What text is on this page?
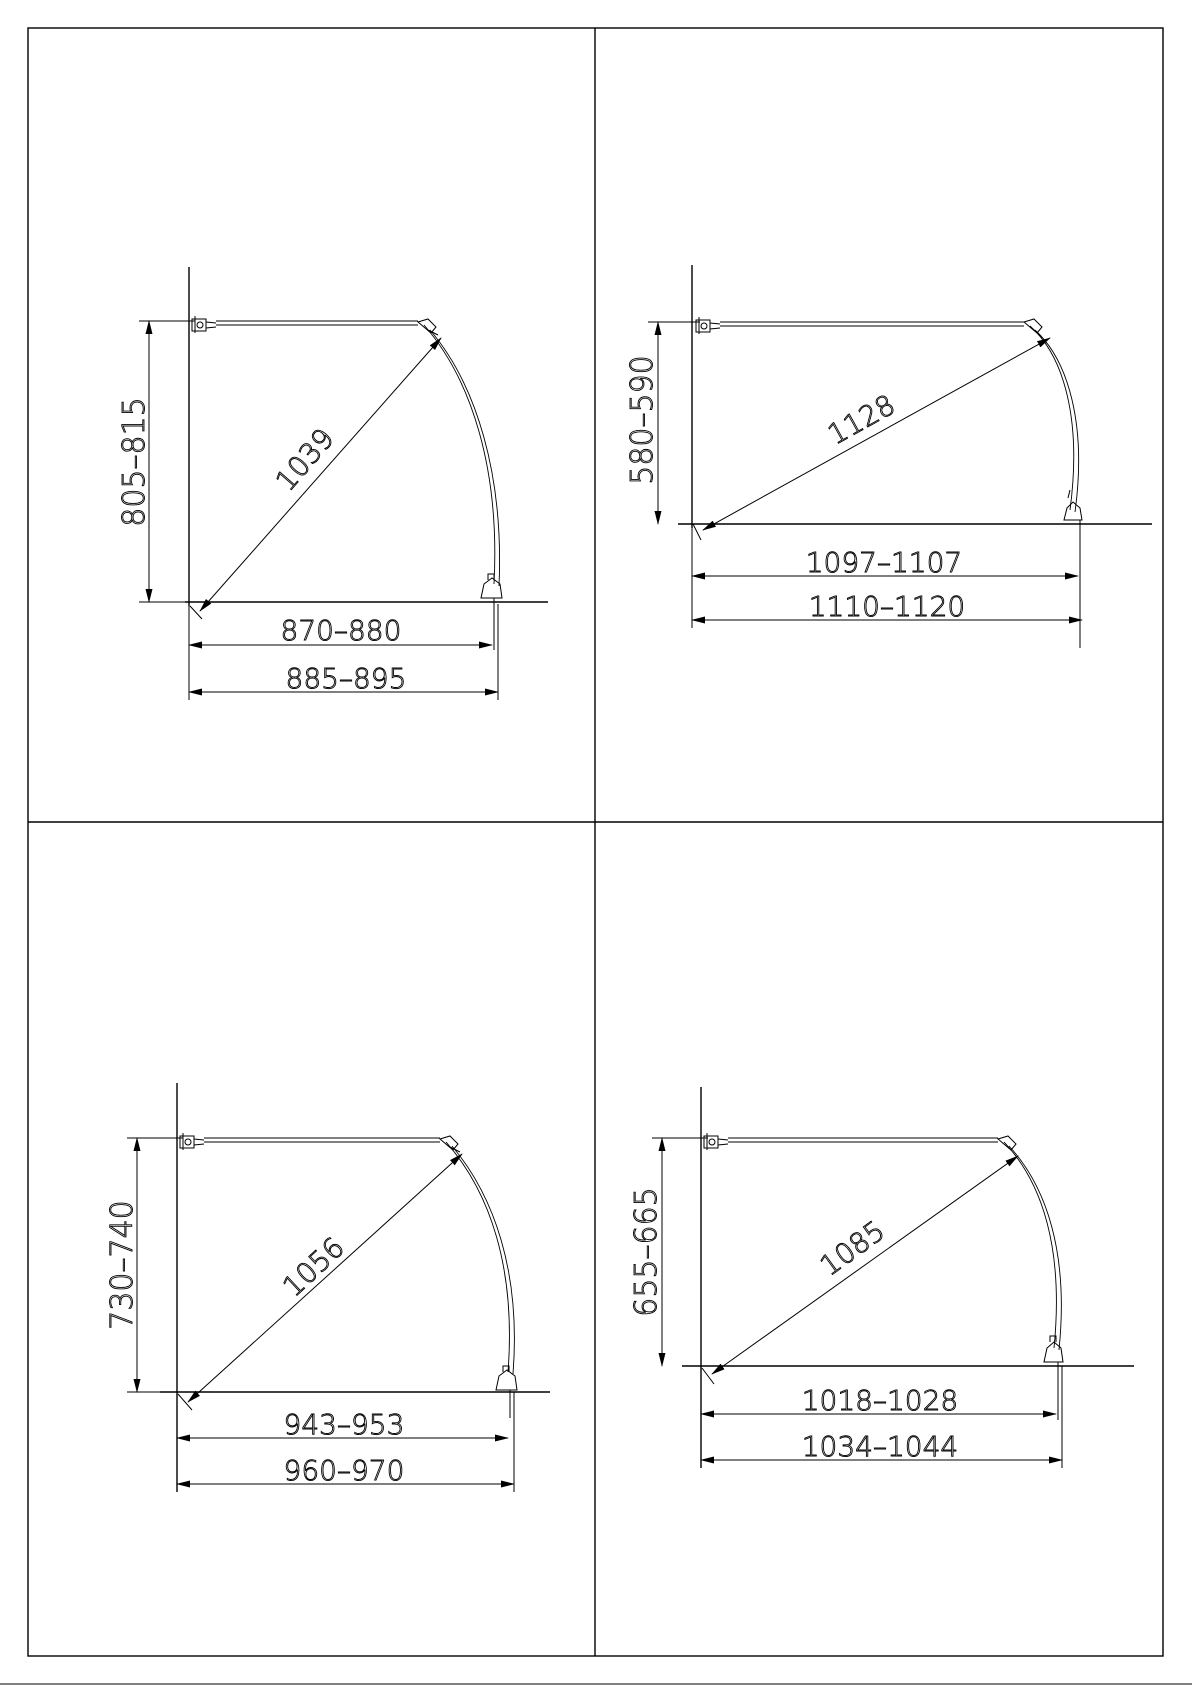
805–815	1039
870–880
885–895
580–590	1128
1097–1107
1110–1120
730–740	1056
943–953
960–970
655–665	1085
1018–1028
1034–1044
